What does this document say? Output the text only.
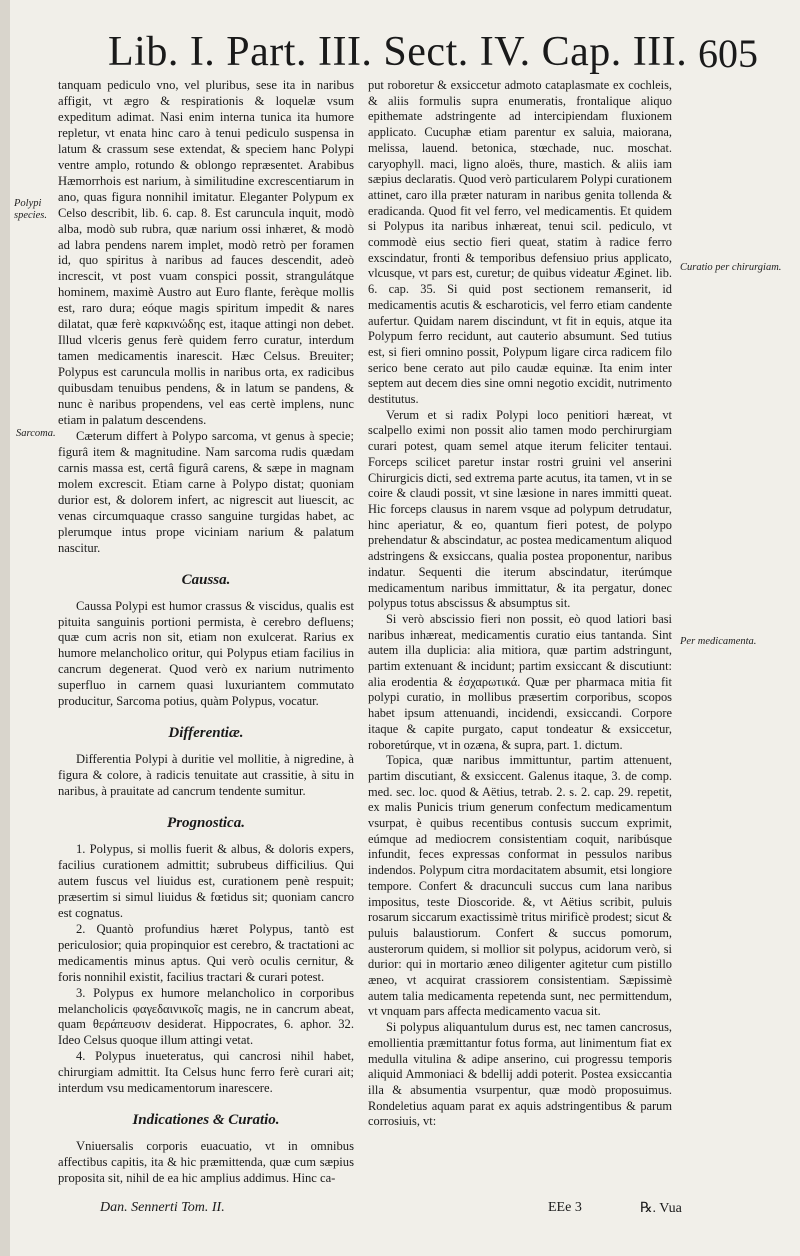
Lib. I. Part. III. Sect. IV. Cap. III. 605
Polypi species.
Sarcoma.
Curatio per chirurgiam.
Per medicamenta.

tanquam pediculo vno, vel pluribus, sese ita in naribus affigit, vt ægro & respirationis & loquelæ vsum expeditum adimat. Nasi enim interna tunica ita humore repletur, vt enata hinc caro à tenui pediculo suspensa in latum & crassum sese extendat, & speciem hanc Polypi ventre amplo, rotundo & oblongo repræsentet. Arabibus Hæmorrhois est narium, à similitudine excrescentiarum in ano, quas figura nonnihil imitatur. Eleganter Polypum ex Celso describit, lib. 6. cap. 8. Est caruncula inquit, modò alba, modò sub rubra, quæ narium ossi inhæret, & modò ad labra pendens narem implet, modò retrò per foramen id, quo spiritus à naribus ad fauces descendit, adeò increscit, vt post vuam conspici possit, strangulátque hominem, maximè Austro aut Euro flante, ferèque mollis est, raro dura; eóque magis spiritum impedit & nares dilatat, quæ ferè καρκινώδης est, itaque attingi non debet. Illud vlceris genus ferè quidem ferro curatur, interdum tamen medicamentis inarescit. Hæc Celsus. Breuiter; Polypus est caruncula mollis in naribus orta, ex radicibus quibusdam tenuibus pendens, & in latum se pandens, & nunc è naribus propendens, vel eas certè implens, nunc etiam in palatum descendens.

Cæterum differt à Polypo sarcoma, vt genus à specie; figurâ item & magnitudine. Nam sarcoma rudis quædam carnis massa est, certâ figurâ carens, & sæpe in magnam molem excrescit. Etiam carne à Polypo distat; quoniam durior est, & dolorem infert, ac nigrescit aut liuescit, ac venas circumquaque crasso sanguine turgidas habet, ac plerumque intus prope viciniam narium & palatum nascitur.

Caussa.

Caussa Polypi est humor crassus & viscidus, qualis est pituita sanguinis portioni permista, è cerebro defluens; quæ cum acris non sit, etiam non exulcerat. Rarius ex humore melancholico oritur, qui Polypus etiam facilius in cancrum degenerat. Quod verò ex narium nutrimento superfluo in carnem quasi luxuriantem commutato producitur, Sarcoma potius, quàm Polypus, vocatur.

Differentiæ.

Differentia Polypi à duritie vel mollitie, à nigredine, à figura & colore, à radicis tenuitate aut crassitie, à situ in naribus, à prauitate ad cancrum tendente sumitur.

Prognostica.

1. Polypus, si mollis fuerit & albus, & doloris expers, facilius curationem admittit; subrubeus difficilius. Qui autem fuscus vel liuidus est, curationem penè respuit; præsertim si simul liuidus & fœtidus sit; quoniam cancro est cognatus.

2. Quantò profundius hæret Polypus, tantò est periculosior; quia propinquior est cerebro, & tractationi ac medicamentis minus aptus. Qui verò oculis cernitur, & foris nonnihil existit, facilius tractari & curari potest.

3. Polypus ex humore melancholico in corporibus melancholicis φαγεδαινικοῖς magis, ne in cancrum abeat, quam θεράπευσιν desiderat. Hippocrates, 6. aphor. 32. Ideo Celsus quoque illum attingi vetat.

4. Polypus inueteratus, qui cancrosi nihil habet, chirurgiam admittit. Ita Celsus hunc ferro ferè curari ait; interdum vsu medicamentorum inarescere.

Indicationes & Curatio.

Vniuersalis corporis euacuatio, vt in omnibus affectibus capitis, ita & hic præmittenda, quæ cum sæpius proposita sit, nihil de ea hic amplius addimus. Hinc ca-

put roboretur & exsiccetur admoto cataplasmate ex cochleis, & aliis formulis supra enumeratis, frontalique aliquo epithemate adstringente ad intercipiendam fluxionem applicato. Cucuphæ etiam parentur ex saluia, maiorana, melissa, lauend. betonica, stœchade, nuc. moschat. caryophyll. maci, ligno aloës, thure, mastich. & aliis iam sæpius declaratis. Quod verò particularem Polypi curationem attinet, caro illa præter naturam in naribus genita tollenda & eradicanda. Quod fit vel ferro, vel medicamentis. Et quidem si Polypus ita naribus inhæreat, tenui scil. pediculo, vt commodè eius sectio fieri queat, statim à radice ferro exscindatur, fronti & temporibus defensiuo prius applicato, vlcusque, vt pars est, curetur; de quibus videatur Æginet. lib. 6. cap. 35. Si quid post sectionem remanserit, id medicamentis acutis & escharoticis, vel ferro etiam candente aufertur. Quidam narem discindunt, vt fit in equis, atque ita Polypum ferro recidunt, aut cauterio absumunt. Sed tutius est, si fieri omnino possit, Polypum ligare circa radicem filo serico bene cerato aut pilo caudæ equinæ. Ita enim inter septem aut decem dies sine omni negotio excidit, nutrimento destitutus.

Verum et si radix Polypi loco penitiori hæreat, vt scalpello eximi non possit alio tamen modo perchirurgiam curari potest, quam semel atque iterum feliciter tentaui. Forceps scilicet paretur instar rostri gruini vel anserini Chirurgicis dicti, sed extrema parte acutus, ita tamen, vt in se coire & claudi possit, vt sine læsione in nares immitti queat. Hic forceps clausus in narem vsque ad polypum detrudatur, hinc aperiatur, & eo, quantum fieri potest, de polypo prehendatur & abscindatur, ac postea medicamentum aliquod adstringens & exsiccans, qualia postea proponentur, naribus indatur. Sequenti die iterum abscindatur, iterúmque medicamentum naribus immittatur, & ita pergatur, donec polypus totus abscissus & absumptus sit.

Si verò abscissio fieri non possit, eò quod latiori basi naribus inhæreat, medicamentis curatio eius tantanda. Sint autem illa duplicia: alia mitiora, quæ partim adstringunt, partim extenuant & incidunt; partim exsiccant & discutiunt: alia erodentia & ἐσχαρωτικά. Quæ per pharmaca mitia fit polypi curatio, in mollibus præsertim corporibus, scopos habet ipsum attenuandi, incidendi, exsiccandi. Corpore itaque & capite purgato, caput tondeatur & exsiccetur, roboretúrque, vt in ozæna, & supra, part. 1. dictum.

Topica, quæ naribus immittuntur, partim attenuent, partim discutiant, & exsiccent. Galenus itaque, 3. de comp. med. sec. loc. quod & Aëtius, tetrab. 2. s. 2. cap. 29. repetit, ex malis Punicis trium generum confectum medicamentum vsurpat, è quibus recentibus contusis succum exprimit, eúmque ad mediocrem consistentiam coquit, naribúsque infundit, feces expressas conformat in pessulos naribus indendos. Polypum citra mordacitatem absumit, etsi longiore tempore. Confert & dracunculi succus cum lana naribus impositus, teste Dioscoride. &, vt Aëtius scribit, puluis rosarum siccarum exactissimè tritus mirificè prodest; sicut & puluis balaustiorum. Confert & succus pomorum, austerorum quidem, si mollior sit polypus, acidorum verò, si durior: qui in mortario æneo diligenter agitetur cum pistillo æneo, vt acquirat crassiorem consistentiam. Sæpissimè autem talia medicamenta repetenda sunt, nec permittendum, vt vnquam pars affecta medicamento vacua sit.

Si polypus aliquantulum durus est, nec tamen cancrosus, emollientia præmittantur fotus forma, aut linimentum fiat ex medulla vitulina & adipe anserino, cui progressu temporis aliquid Ammoniaci & bdellij addi poterit. Postea exsiccantia illa & absumentia vsurpentur, quæ modò proposuimus. Rondeletius aquam parat ex aquis adstringentibus & parum corrosiuis, vt:

Dan. Sennerti Tom. II.	EEe 3	℞. Vua
